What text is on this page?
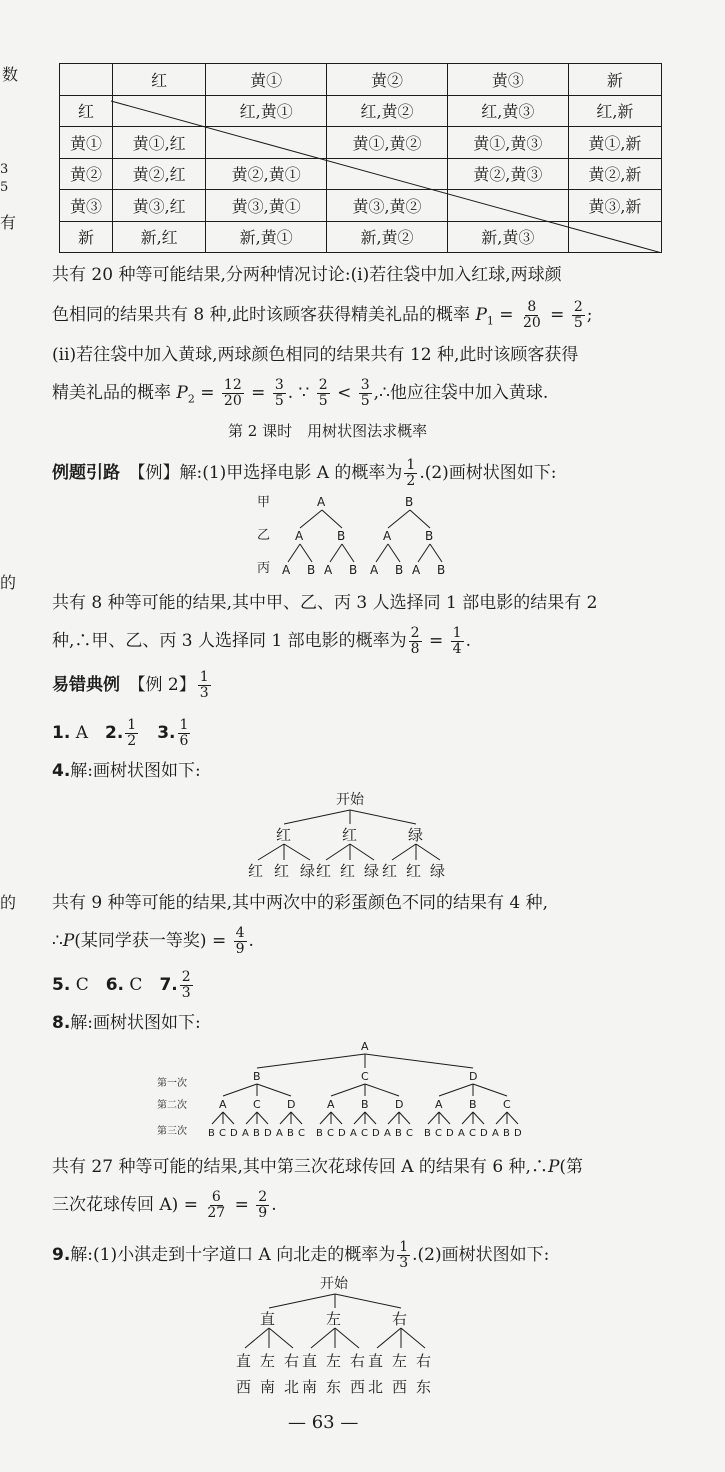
数
3
5
有
的
的
	红	黄①	黄②	黄③	新
红		红,黄①	红,黄②	红,黄③	红,新
黄①	黄①,红		黄①,黄②	黄①,黄③	黄①,新
黄②	黄②,红	黄②,黄①		黄②,黄③	黄②,新
黄③	黄③,红	黄③,黄①	黄③,黄②		黄③,新
新	新,红	新,黄①	新,黄②	新,黄③	
共有 20 种等可能结果,分两种情况讨论:(ⅰ)若往袋中加入红球,两球颜
色相同的结果共有 8 种,此时该顾客获得精美礼品的概率 $P_1 = \frac{8}{20} = \frac{2}{5}$ ;
(ⅱ)若往袋中加入黄球,两球颜色相同的结果共有 12 种,此时该顾客获得
精美礼品的概率 $P_2 = \frac{12}{20} = \frac{3}{5}$ . ∵ $\frac{2}{5} < \frac{3}{5}$ ,∴他应往袋中加入黄球.
第 2 课时　用树状图法求概率
例题引路　 【例】解:(1)甲选择电影 A 的概率为 $\frac{1}{2} .(2)$画树状图如下:
甲
乙
丙
A	B
A	B	A	B
A B A B A B A B
共有 8 种等可能的结果,其中甲、乙、丙 3 人选择同 1 部电影的结果有 2
种,∴甲、乙、丙 3 人选择同 1 部电影的概率为 $\frac{2}{8} = \frac{1}{4}$ .
易错典例　 【例 2】 $\frac{1}{3}$
1. A　 2. $\frac{1}{2}$
　 3. $\frac{1}{6}$
4.解:画树状图如下:
开始
红	红	绿
红 红 绿 红 红 绿 红 红 绿
共有 9 种等可能的结果,其中两次中的彩蛋颜色不同的结果有 4 种,
∴P(某同学获一等奖) = $\frac{4}{9}$ .
5. C　 6. C　 7. $\frac{2}{3}$
8.解:画树状图如下:
A
第一次
第二次
第三次
B	C	D
A
B C D
C
A B D
D
A B C
A
B C D
B
A C D
D
A B C
A
B C D
B
A C D
C
A B D
共有 27 种等可能的结果,其中第三次花球传回 A 的结果有 6 种,∴P(第
三次花球传回 $A) = \frac{6}{27} = \frac{2}{9}$ .
9.解:(1)小淇走到十字道口 A 向北走的概率为 $\frac{1}{3} .(2)$画树状图如下:
开始
直	左	右
直 左 右 直 左 右 直 左 右
西 南 北 南 东 西 北 西 东
— 63 —
